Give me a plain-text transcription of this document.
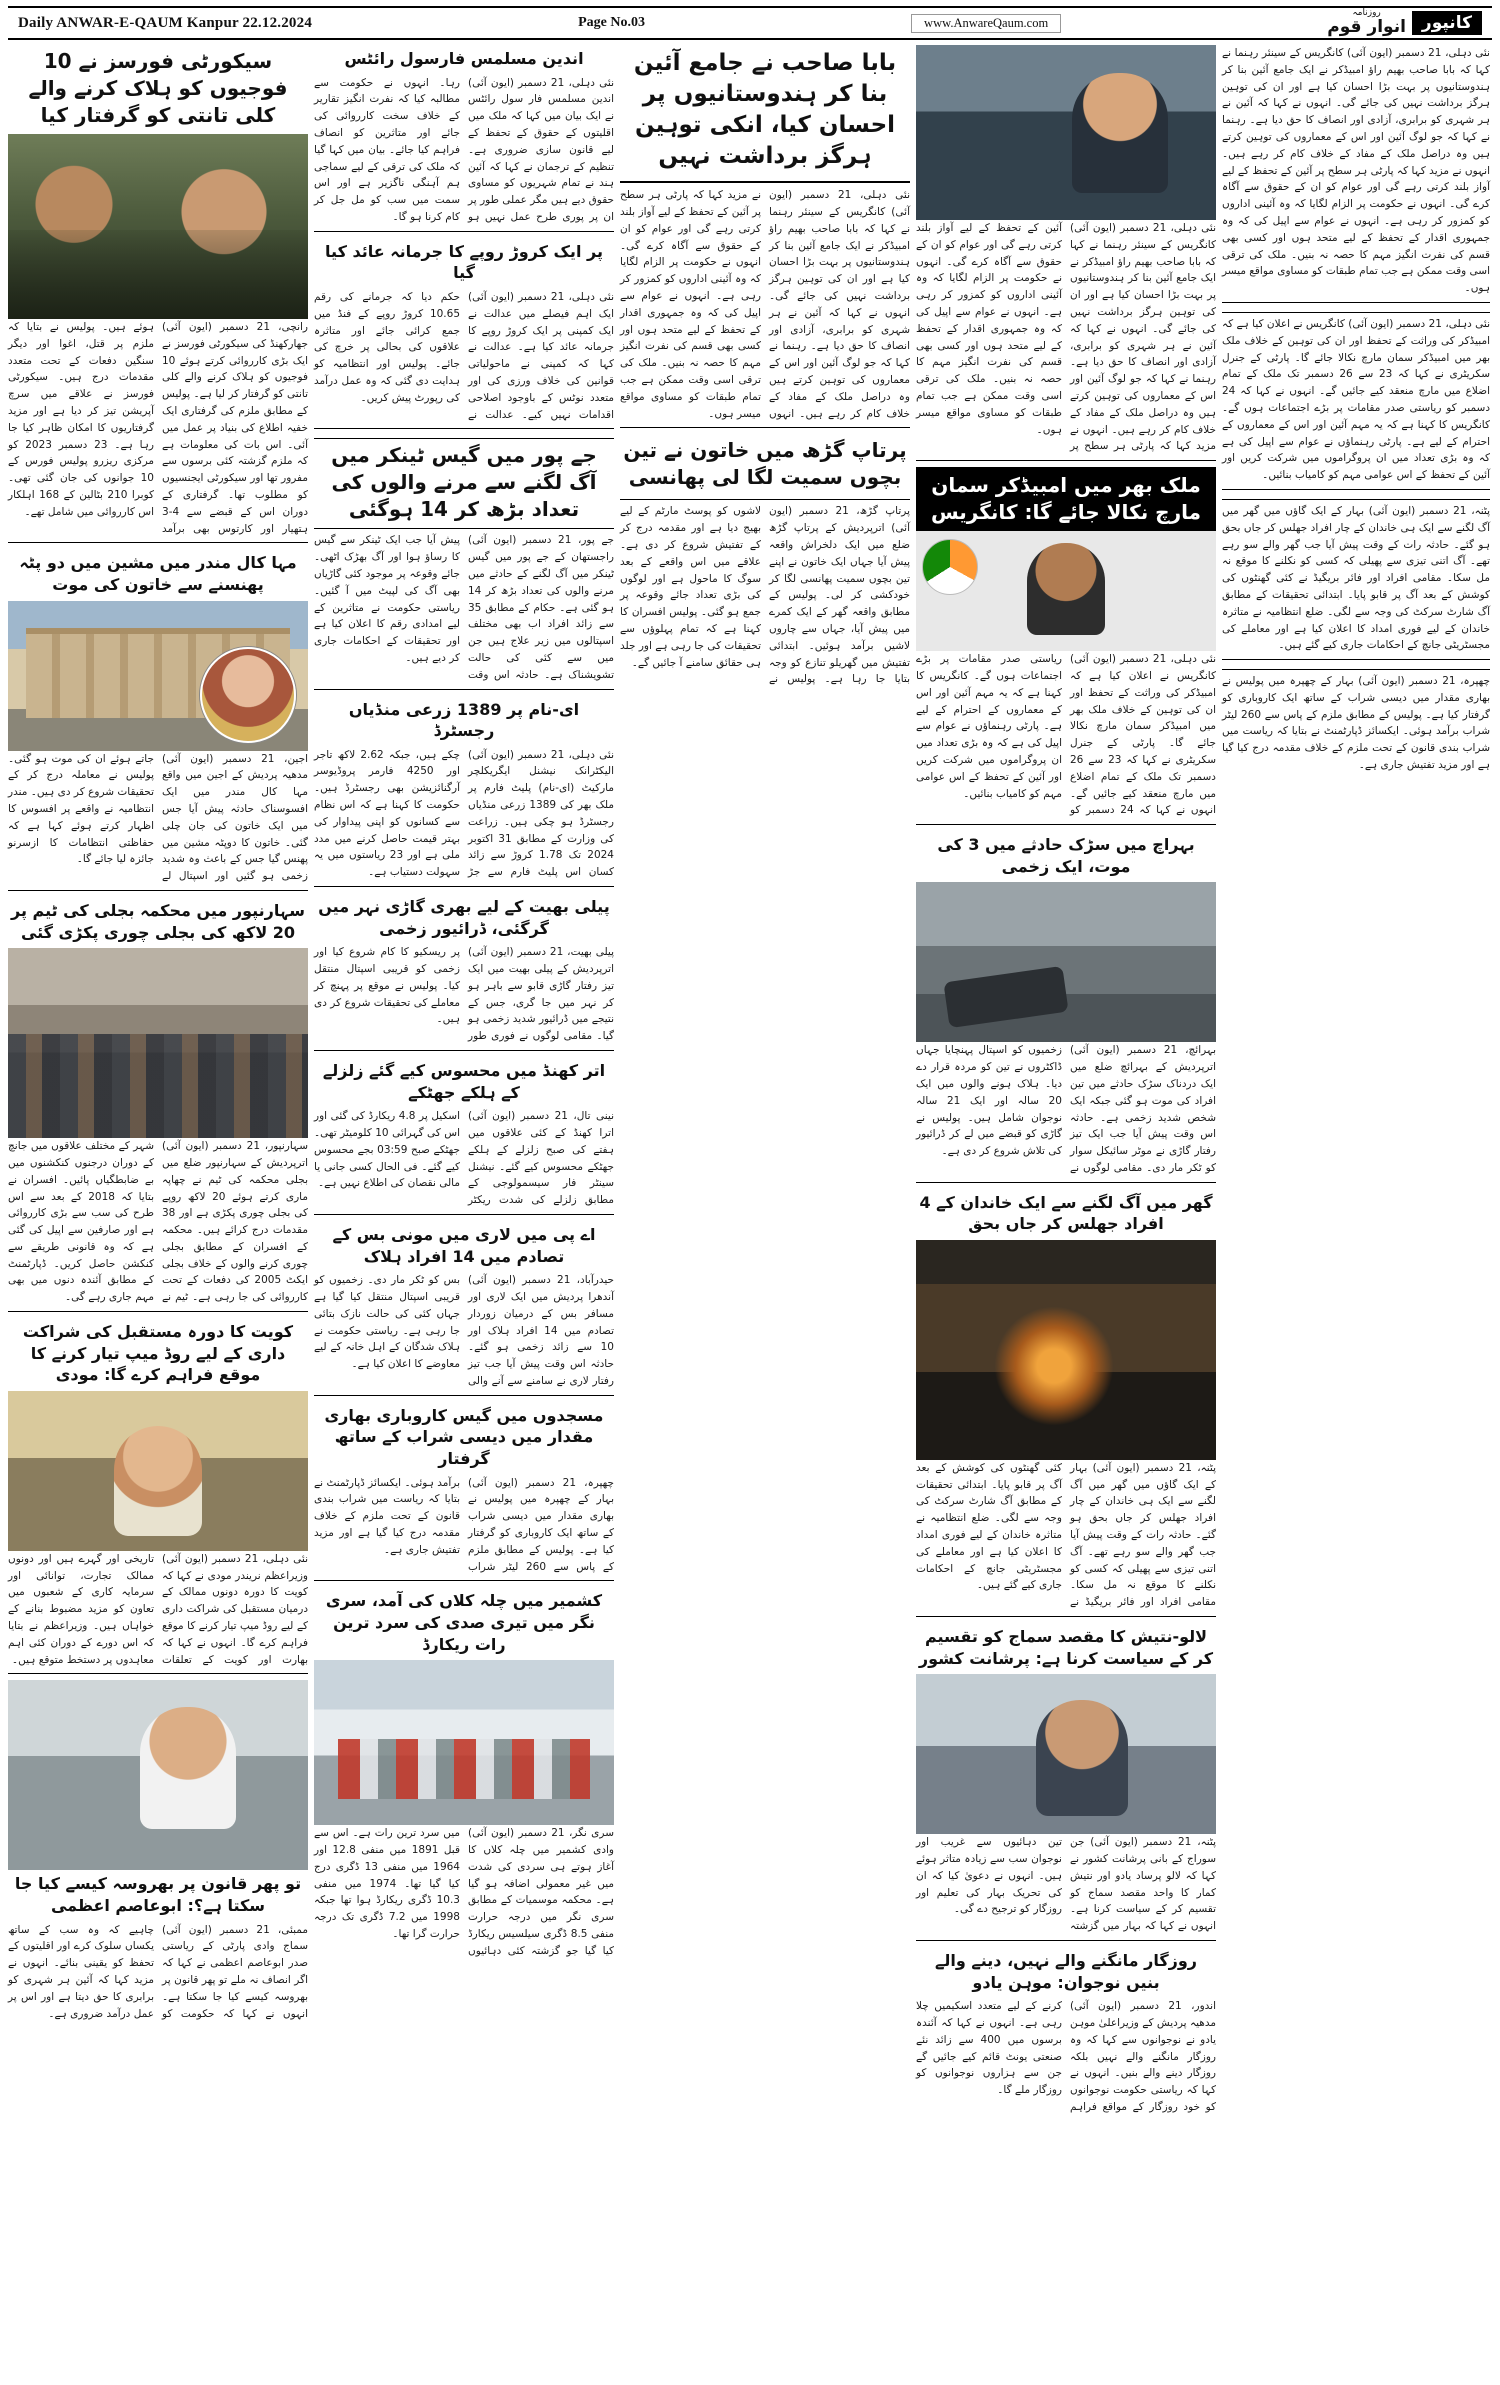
Daily ANWAR-E-QAUM Kanpur 22.12.2024	Page No.03	www.AnwareQaum.com
روزنامہ
انوار قوم کانپور
سیکورٹی فورسز نے 10 فوجیوں کو ہلاک کرنے والے کلی تانتی کو گرفتار کیا
رانچی، 21 دسمبر (ایون آئی) جھارکھنڈ کی سیکورٹی فورسز نے ایک بڑی کارروائی کرتے ہوئے 10 فوجیوں کو ہلاک کرنے والے کلی تانتی کو گرفتار کر لیا ہے۔ پولیس کے مطابق ملزم کی گرفتاری ایک خفیہ اطلاع کی بنیاد پر عمل میں آئی۔ اس بات کی معلومات ہے کہ ملزم گزشتہ کئی برسوں سے مفرور تھا اور سیکورٹی ایجنسیوں کو مطلوب تھا۔ گرفتاری کے دوران اس کے قبضے سے 4-3 ہتھیار اور کارتوس بھی برآمد ہوئے ہیں۔ پولیس نے بتایا کہ ملزم پر قتل، اغوا اور دیگر سنگین دفعات کے تحت متعدد مقدمات درج ہیں۔ سیکورٹی فورسز نے علاقے میں سرچ آپریشن تیز کر دیا ہے اور مزید گرفتاریوں کا امکان ظاہر کیا جا رہا ہے۔ 23 دسمبر 2023 کو مرکزی ریزرو پولیس فورس کے 10 جوانوں کی جان گئی تھی۔ کوبرا 210 بٹالین کے 168 اہلکار اس کارروائی میں شامل تھے۔
مہا کال مندر میں مشین میں دو پٹہ پھنسنے سے خاتون کی موت
اجین، 21 دسمبر (ایون آئی) مدھیہ پردیش کے اجین میں واقع مہا کال مندر میں ایک افسوسناک حادثہ پیش آیا جس میں ایک خاتون کی جان چلی گئی۔ خاتون کا دوپٹہ مشین میں پھنس گیا جس کے باعث وہ شدید زخمی ہو گئیں اور اسپتال لے جاتے ہوئے ان کی موت ہو گئی۔ پولیس نے معاملہ درج کر کے تحقیقات شروع کر دی ہیں۔ مندر انتظامیہ نے واقعے پر افسوس کا اظہار کرتے ہوئے کہا ہے کہ حفاظتی انتظامات کا ازسرنو جائزہ لیا جائے گا۔
سہارنپور میں محکمہ بجلی کی ٹیم پر 20 لاکھ کی بجلی چوری پکڑی گئی
سہارنپور، 21 دسمبر (ایون آئی) اترپردیش کے سہارنپور ضلع میں بجلی محکمہ کی ٹیم نے چھاپہ ماری کرتے ہوئے 20 لاکھ روپے کی بجلی چوری پکڑی ہے اور 38 مقدمات درج کرائے ہیں۔ محکمہ کے افسران کے مطابق بجلی چوری کرنے والوں کے خلاف بجلی ایکٹ 2005 کی دفعات کے تحت کارروائی کی جا رہی ہے۔ ٹیم نے شہر کے مختلف علاقوں میں جانچ کے دوران درجنوں کنکشنوں میں بے ضابطگیاں پائیں۔ افسران نے بتایا کہ 2018 کے بعد سے اس طرح کی سب سے بڑی کارروائی ہے اور صارفین سے اپیل کی گئی ہے کہ وہ قانونی طریقے سے کنکشن حاصل کریں۔ ڈپارٹمنٹ کے مطابق آئندہ دنوں میں بھی مہم جاری رہے گی۔
کویت کا دورہ مستقبل کی شراکت داری کے لیے روڈ میپ تیار کرنے کا موقع فراہم کرے گا: مودی
نئی دہلی، 21 دسمبر (ایون آئی) وزیراعظم نریندر مودی نے کہا کہ کویت کا دورہ دونوں ممالک کے درمیان مستقبل کی شراکت داری کے لیے روڈ میپ تیار کرنے کا موقع فراہم کرے گا۔ انہوں نے کہا کہ بھارت اور کویت کے تعلقات تاریخی اور گہرے ہیں اور دونوں ممالک تجارت، توانائی اور سرمایہ کاری کے شعبوں میں تعاون کو مزید مضبوط بنانے کے خواہاں ہیں۔ وزیراعظم نے بتایا کہ اس دورے کے دوران کئی اہم معاہدوں پر دستخط متوقع ہیں۔
تو پھر قانون پر بھروسہ کیسے کیا جا سکتا ہے؟: ابوعاصم اعظمی
ممبئی، 21 دسمبر (ایون آئی) سماج وادی پارٹی کے ریاستی صدر ابوعاصم اعظمی نے کہا کہ اگر انصاف نہ ملے تو پھر قانون پر بھروسہ کیسے کیا جا سکتا ہے۔ انہوں نے کہا کہ حکومت کو چاہیے کہ وہ سب کے ساتھ یکساں سلوک کرے اور اقلیتوں کے تحفظ کو یقینی بنائے۔ انہوں نے مزید کہا کہ آئین ہر شہری کو برابری کا حق دیتا ہے اور اس پر عمل درآمد ضروری ہے۔
اندین مسلمس فارسول رائٹس
نئی دہلی، 21 دسمبر (ایون آئی) اندین مسلمس فار سول رائٹس نے ایک بیان میں کہا کہ ملک میں اقلیتوں کے حقوق کے تحفظ کے لیے قانون سازی ضروری ہے۔ تنظیم کے ترجمان نے کہا کہ آئین ہند نے تمام شہریوں کو مساوی حقوق دیے ہیں مگر عملی طور پر ان پر پوری طرح عمل نہیں ہو رہا۔ انہوں نے حکومت سے مطالبہ کیا کہ نفرت انگیز تقاریر کے خلاف سخت کارروائی کی جائے اور متاثرین کو انصاف فراہم کیا جائے۔ بیان میں کہا گیا کہ ملک کی ترقی کے لیے سماجی ہم آہنگی ناگزیر ہے اور اس سمت میں سب کو مل جل کر کام کرنا ہو گا۔
پر ایک کروڑ روپے کا جرمانہ عائد کیا گیا
نئی دہلی، 21 دسمبر (ایون آئی) ایک اہم فیصلے میں عدالت نے ایک کمپنی پر ایک کروڑ روپے کا جرمانہ عائد کیا ہے۔ عدالت نے کہا کہ کمپنی نے ماحولیاتی قوانین کی خلاف ورزی کی اور متعدد نوٹس کے باوجود اصلاحی اقدامات نہیں کیے۔ عدالت نے حکم دیا کہ جرمانے کی رقم 10.65 کروڑ روپے کے فنڈ میں جمع کرائی جائے اور متاثرہ علاقوں کی بحالی پر خرچ کی جائے۔ پولیس اور انتظامیہ کو ہدایت دی گئی کہ وہ عمل درآمد کی رپورٹ پیش کریں۔
جے پور میں گیس ٹینکر میں آگ لگنے سے مرنے والوں کی تعداد بڑھ کر 14 ہوگئی
جے پور، 21 دسمبر (ایون آئی) راجستھان کے جے پور میں گیس ٹینکر میں آگ لگنے کے حادثے میں مرنے والوں کی تعداد بڑھ کر 14 ہو گئی ہے۔ حکام کے مطابق 35 سے زائد افراد اب بھی مختلف اسپتالوں میں زیر علاج ہیں جن میں سے کئی کی حالت تشویشناک ہے۔ حادثہ اس وقت پیش آیا جب ایک ٹینکر سے گیس کا رساؤ ہوا اور آگ بھڑک اٹھی۔ جائے وقوعہ پر موجود کئی گاڑیاں بھی آگ کی لپیٹ میں آ گئیں۔ ریاستی حکومت نے متاثرین کے لیے امدادی رقم کا اعلان کیا ہے اور تحقیقات کے احکامات جاری کر دیے ہیں۔
ای-نام پر 1389 زرعی منڈیاں رجسٹرڈ
نئی دہلی، 21 دسمبر (ایون آئی) الیکٹرانک نیشنل ایگریکلچر مارکیٹ (ای-نام) پلیٹ فارم پر ملک بھر کی 1389 زرعی منڈیاں رجسٹرڈ ہو چکی ہیں۔ زراعت کی وزارت کے مطابق 31 اکتوبر 2024 تک 1.78 کروڑ سے زائد کسان اس پلیٹ فارم سے جڑ چکے ہیں، جبکہ 2.62 لاکھ تاجر اور 4250 فارمر پروڈیوسر آرگنائزیشن بھی رجسٹرڈ ہیں۔ حکومت کا کہنا ہے کہ اس نظام سے کسانوں کو اپنی پیداوار کی بہتر قیمت حاصل کرنے میں مدد ملی ہے اور 23 ریاستوں میں یہ سہولت دستیاب ہے۔
پیلی بھیت کے لیے بھری گاڑی نہر میں گرگئی، ڈرائیور زخمی
پیلی بھیت، 21 دسمبر (ایون آئی) اترپردیش کے پیلی بھیت میں ایک تیز رفتار گاڑی قابو سے باہر ہو کر نہر میں جا گری، جس کے نتیجے میں ڈرائیور شدید زخمی ہو گیا۔ مقامی لوگوں نے فوری طور پر ریسکیو کا کام شروع کیا اور زخمی کو قریبی اسپتال منتقل کیا۔ پولیس نے موقع پر پہنچ کر معاملے کی تحقیقات شروع کر دی ہیں۔
اتر کھنڈ میں محسوس کیے گئے زلزلے کے ہلکے جھٹکے
نینی تال، 21 دسمبر (ایون آئی) اترا کھنڈ کے کئی علاقوں میں ہفتے کی صبح زلزلے کے ہلکے جھٹکے محسوس کیے گئے۔ نیشنل سینٹر فار سیسمولوجی کے مطابق زلزلے کی شدت ریکٹر اسکیل پر 4.8 ریکارڈ کی گئی اور اس کی گہرائی 10 کلومیٹر تھی۔ جھٹکے صبح 03:59 بجے محسوس کیے گئے۔ فی الحال کسی جانی یا مالی نقصان کی اطلاع نہیں ہے۔
اے پی میں لاری میں مونی بس کے تصادم میں 14 افراد ہلاک
حیدرآباد، 21 دسمبر (ایون آئی) آندھرا پردیش میں ایک لاری اور مسافر بس کے درمیان زوردار تصادم میں 14 افراد ہلاک اور 10 سے زائد زخمی ہو گئے۔ حادثہ اس وقت پیش آیا جب تیز رفتار لاری نے سامنے سے آنے والی بس کو ٹکر مار دی۔ زخمیوں کو قریبی اسپتال منتقل کیا گیا ہے جہاں کئی کی حالت نازک بتائی جا رہی ہے۔ ریاستی حکومت نے ہلاک شدگان کے اہل خانہ کے لیے معاوضے کا اعلان کیا ہے۔
مسجدوں میں گیس کاروباری بھاری مقدار میں دیسی شراب کے ساتھ گرفتار
چھپرہ، 21 دسمبر (ایون آئی) بہار کے چھپرہ میں پولیس نے بھاری مقدار میں دیسی شراب کے ساتھ ایک کاروباری کو گرفتار کیا ہے۔ پولیس کے مطابق ملزم کے پاس سے 260 لیٹر شراب برآمد ہوئی۔ ایکسائز ڈپارٹمنٹ نے بتایا کہ ریاست میں شراب بندی قانون کے تحت ملزم کے خلاف مقدمہ درج کیا گیا ہے اور مزید تفتیش جاری ہے۔
کشمیر میں چلہ کلاں کی آمد، سری نگر میں تیری صدی کی سرد ترین رات ریکارڈ
سری نگر، 21 دسمبر (ایون آئی) وادی کشمیر میں چلہ کلاں کا آغاز ہوتے ہی سردی کی شدت میں غیر معمولی اضافہ ہو گیا ہے۔ محکمہ موسمیات کے مطابق سری نگر میں درجہ حرارت منفی 8.5 ڈگری سیلسیس ریکارڈ کیا گیا جو گزشتہ کئی دہائیوں میں سرد ترین رات ہے۔ اس سے قبل 1891 میں منفی 12.8 اور 1964 میں منفی 13 ڈگری درج کیا گیا تھا۔ 1974 میں منفی 10.3 ڈگری ریکارڈ ہوا تھا جبکہ 1998 میں 7.2 ڈگری تک درجہ حرارت گرا تھا۔
بابا صاحب نے جامع آئین بنا کر ہندوستانیوں پر احسان کیا، انکی توہین ہرگز برداشت نہیں
نئی دہلی، 21 دسمبر (ایون آئی) کانگریس کے سینئر رہنما نے کہا کہ بابا صاحب بھیم راؤ امبیڈکر نے ایک جامع آئین بنا کر ہندوستانیوں پر بہت بڑا احسان کیا ہے اور ان کی توہین ہرگز برداشت نہیں کی جائے گی۔ انہوں نے کہا کہ آئین نے ہر شہری کو برابری، آزادی اور انصاف کا حق دیا ہے۔ رہنما نے کہا کہ جو لوگ آئین اور اس کے معماروں کی توہین کرتے ہیں وہ دراصل ملک کے مفاد کے خلاف کام کر رہے ہیں۔ انہوں نے مزید کہا کہ پارٹی ہر سطح پر آئین کے تحفظ کے لیے آواز بلند کرتی رہے گی اور عوام کو ان کے حقوق سے آگاہ کرے گی۔ انہوں نے حکومت پر الزام لگایا کہ وہ آئینی اداروں کو کمزور کر رہی ہے۔ انہوں نے عوام سے اپیل کی کہ وہ جمہوری اقدار کے تحفظ کے لیے متحد ہوں اور کسی بھی قسم کی نفرت انگیز مہم کا حصہ نہ بنیں۔ ملک کی ترقی اسی وقت ممکن ہے جب تمام طبقات کو مساوی مواقع میسر ہوں۔
پرتاپ گڑھ میں خاتون نے تین بچوں سمیت لگا لی پھانسی
پرتاپ گڑھ، 21 دسمبر (ایون آئی) اترپردیش کے پرتاپ گڑھ ضلع میں ایک دلخراش واقعہ پیش آیا جہاں ایک خاتون نے اپنے تین بچوں سمیت پھانسی لگا کر خودکشی کر لی۔ پولیس کے مطابق واقعہ گھر کے ایک کمرے میں پیش آیا، جہاں سے چاروں لاشیں برآمد ہوئیں۔ ابتدائی تفتیش میں گھریلو تنازع کو وجہ بتایا جا رہا ہے۔ پولیس نے لاشوں کو پوسٹ مارٹم کے لیے بھیج دیا ہے اور مقدمہ درج کر کے تفتیش شروع کر دی ہے۔ علاقے میں اس واقعے کے بعد سوگ کا ماحول ہے اور لوگوں کی بڑی تعداد جائے وقوعہ پر جمع ہو گئی۔ پولیس افسران کا کہنا ہے کہ تمام پہلوؤں سے تحقیقات کی جا رہی ہے اور جلد ہی حقائق سامنے آ جائیں گے۔
نئی دہلی، 21 دسمبر (ایون آئی) کانگریس کے سینئر رہنما نے کہا کہ بابا صاحب بھیم راؤ امبیڈکر نے ایک جامع آئین بنا کر ہندوستانیوں پر بہت بڑا احسان کیا ہے اور ان کی توہین ہرگز برداشت نہیں کی جائے گی۔ انہوں نے کہا کہ آئین نے ہر شہری کو برابری، آزادی اور انصاف کا حق دیا ہے۔ رہنما نے کہا کہ جو لوگ آئین اور اس کے معماروں کی توہین کرتے ہیں وہ دراصل ملک کے مفاد کے خلاف کام کر رہے ہیں۔ انہوں نے مزید کہا کہ پارٹی ہر سطح پر آئین کے تحفظ کے لیے آواز بلند کرتی رہے گی اور عوام کو ان کے حقوق سے آگاہ کرے گی۔ انہوں نے حکومت پر الزام لگایا کہ وہ آئینی اداروں کو کمزور کر رہی ہے۔ انہوں نے عوام سے اپیل کی کہ وہ جمہوری اقدار کے تحفظ کے لیے متحد ہوں اور کسی بھی قسم کی نفرت انگیز مہم کا حصہ نہ بنیں۔ ملک کی ترقی اسی وقت ممکن ہے جب تمام طبقات کو مساوی مواقع میسر ہوں۔
ملک بھر میں امبیڈکر سمان مارچ نکالا جائے گا: کانگریس
نئی دہلی، 21 دسمبر (ایون آئی) کانگریس نے اعلان کیا ہے کہ امبیڈکر کی وراثت کے تحفظ اور ان کی توہین کے خلاف ملک بھر میں امبیڈکر سمان مارچ نکالا جائے گا۔ پارٹی کے جنرل سکریٹری نے کہا کہ 23 سے 26 دسمبر تک ملک کے تمام اضلاع میں مارچ منعقد کیے جائیں گے۔ انہوں نے کہا کہ 24 دسمبر کو ریاستی صدر مقامات پر بڑے اجتماعات ہوں گے۔ کانگریس کا کہنا ہے کہ یہ مہم آئین اور اس کے معماروں کے احترام کے لیے ہے۔ پارٹی رہنماؤں نے عوام سے اپیل کی ہے کہ وہ بڑی تعداد میں ان پروگراموں میں شرکت کریں اور آئین کے تحفظ کے اس عوامی مہم کو کامیاب بنائیں۔
بہراچ میں سڑک حادثے میں 3 کی موت، ایک زخمی
بہرائچ، 21 دسمبر (ایون آئی) اترپردیش کے بہرائچ ضلع میں ایک دردناک سڑک حادثے میں تین افراد کی موت ہو گئی جبکہ ایک شخص شدید زخمی ہے۔ حادثہ اس وقت پیش آیا جب ایک تیز رفتار گاڑی نے موٹر سائیکل سوار کو ٹکر مار دی۔ مقامی لوگوں نے زخمیوں کو اسپتال پہنچایا جہاں ڈاکٹروں نے تین کو مردہ قرار دے دیا۔ ہلاک ہونے والوں میں ایک 20 سالہ اور ایک 21 سالہ نوجوان شامل ہیں۔ پولیس نے گاڑی کو قبضے میں لے کر ڈرائیور کی تلاش شروع کر دی ہے۔
گھر میں آگ لگنے سے ایک خاندان کے 4 افراد جھلس کر جاں بحق
پٹنہ، 21 دسمبر (ایون آئی) بہار کے ایک گاؤں میں گھر میں آگ لگنے سے ایک ہی خاندان کے چار افراد جھلس کر جاں بحق ہو گئے۔ حادثہ رات کے وقت پیش آیا جب گھر والے سو رہے تھے۔ آگ اتنی تیزی سے پھیلی کہ کسی کو نکلنے کا موقع نہ مل سکا۔ مقامی افراد اور فائر بریگیڈ نے کئی گھنٹوں کی کوشش کے بعد آگ پر قابو پایا۔ ابتدائی تحقیقات کے مطابق آگ شارٹ سرکٹ کی وجہ سے لگی۔ ضلع انتظامیہ نے متاثرہ خاندان کے لیے فوری امداد کا اعلان کیا ہے اور معاملے کی مجسٹریٹی جانچ کے احکامات جاری کیے گئے ہیں۔
لالو-نتیش کا مقصد سماج کو تقسیم کر کے سیاست کرنا ہے: پرشانت کشور
پٹنہ، 21 دسمبر (ایون آئی) جن سوراج کے بانی پرشانت کشور نے کہا کہ لالو پرساد یادو اور نتیش کمار کا واحد مقصد سماج کو تقسیم کر کے سیاست کرنا ہے۔ انہوں نے کہا کہ بہار میں گزشتہ تین دہائیوں سے غریب اور نوجوان سب سے زیادہ متاثر ہوئے ہیں۔ انہوں نے دعویٰ کیا کہ ان کی تحریک بہار کی تعلیم اور روزگار کو ترجیح دے گی۔
روزگار مانگنے والے نہیں، دینے والے بنیں نوجوان: موہن یادو
اندور، 21 دسمبر (ایون آئی) مدھیہ پردیش کے وزیراعلیٰ موہن یادو نے نوجوانوں سے کہا کہ وہ روزگار مانگنے والے نہیں بلکہ روزگار دینے والے بنیں۔ انہوں نے کہا کہ ریاستی حکومت نوجوانوں کو خود روزگار کے مواقع فراہم کرنے کے لیے متعدد اسکیمیں چلا رہی ہے۔ انہوں نے کہا کہ آئندہ برسوں میں 400 سے زائد نئے صنعتی یونٹ قائم کیے جائیں گے جن سے ہزاروں نوجوانوں کو روزگار ملے گا۔
نئی دہلی، 21 دسمبر (ایون آئی) کانگریس کے سینئر رہنما نے کہا کہ بابا صاحب بھیم راؤ امبیڈکر نے ایک جامع آئین بنا کر ہندوستانیوں پر بہت بڑا احسان کیا ہے اور ان کی توہین ہرگز برداشت نہیں کی جائے گی۔ انہوں نے کہا کہ آئین نے ہر شہری کو برابری، آزادی اور انصاف کا حق دیا ہے۔ رہنما نے کہا کہ جو لوگ آئین اور اس کے معماروں کی توہین کرتے ہیں وہ دراصل ملک کے مفاد کے خلاف کام کر رہے ہیں۔ انہوں نے مزید کہا کہ پارٹی ہر سطح پر آئین کے تحفظ کے لیے آواز بلند کرتی رہے گی اور عوام کو ان کے حقوق سے آگاہ کرے گی۔ انہوں نے حکومت پر الزام لگایا کہ وہ آئینی اداروں کو کمزور کر رہی ہے۔ انہوں نے عوام سے اپیل کی کہ وہ جمہوری اقدار کے تحفظ کے لیے متحد ہوں اور کسی بھی قسم کی نفرت انگیز مہم کا حصہ نہ بنیں۔ ملک کی ترقی اسی وقت ممکن ہے جب تمام طبقات کو مساوی مواقع میسر ہوں۔
نئی دہلی، 21 دسمبر (ایون آئی) کانگریس نے اعلان کیا ہے کہ امبیڈکر کی وراثت کے تحفظ اور ان کی توہین کے خلاف ملک بھر میں امبیڈکر سمان مارچ نکالا جائے گا۔ پارٹی کے جنرل سکریٹری نے کہا کہ 23 سے 26 دسمبر تک ملک کے تمام اضلاع میں مارچ منعقد کیے جائیں گے۔ انہوں نے کہا کہ 24 دسمبر کو ریاستی صدر مقامات پر بڑے اجتماعات ہوں گے۔ کانگریس کا کہنا ہے کہ یہ مہم آئین اور اس کے معماروں کے احترام کے لیے ہے۔ پارٹی رہنماؤں نے عوام سے اپیل کی ہے کہ وہ بڑی تعداد میں ان پروگراموں میں شرکت کریں اور آئین کے تحفظ کے اس عوامی مہم کو کامیاب بنائیں۔
پٹنہ، 21 دسمبر (ایون آئی) بہار کے ایک گاؤں میں گھر میں آگ لگنے سے ایک ہی خاندان کے چار افراد جھلس کر جاں بحق ہو گئے۔ حادثہ رات کے وقت پیش آیا جب گھر والے سو رہے تھے۔ آگ اتنی تیزی سے پھیلی کہ کسی کو نکلنے کا موقع نہ مل سکا۔ مقامی افراد اور فائر بریگیڈ نے کئی گھنٹوں کی کوشش کے بعد آگ پر قابو پایا۔ ابتدائی تحقیقات کے مطابق آگ شارٹ سرکٹ کی وجہ سے لگی۔ ضلع انتظامیہ نے متاثرہ خاندان کے لیے فوری امداد کا اعلان کیا ہے اور معاملے کی مجسٹریٹی جانچ کے احکامات جاری کیے گئے ہیں۔
چھپرہ، 21 دسمبر (ایون آئی) بہار کے چھپرہ میں پولیس نے بھاری مقدار میں دیسی شراب کے ساتھ ایک کاروباری کو گرفتار کیا ہے۔ پولیس کے مطابق ملزم کے پاس سے 260 لیٹر شراب برآمد ہوئی۔ ایکسائز ڈپارٹمنٹ نے بتایا کہ ریاست میں شراب بندی قانون کے تحت ملزم کے خلاف مقدمہ درج کیا گیا ہے اور مزید تفتیش جاری ہے۔
